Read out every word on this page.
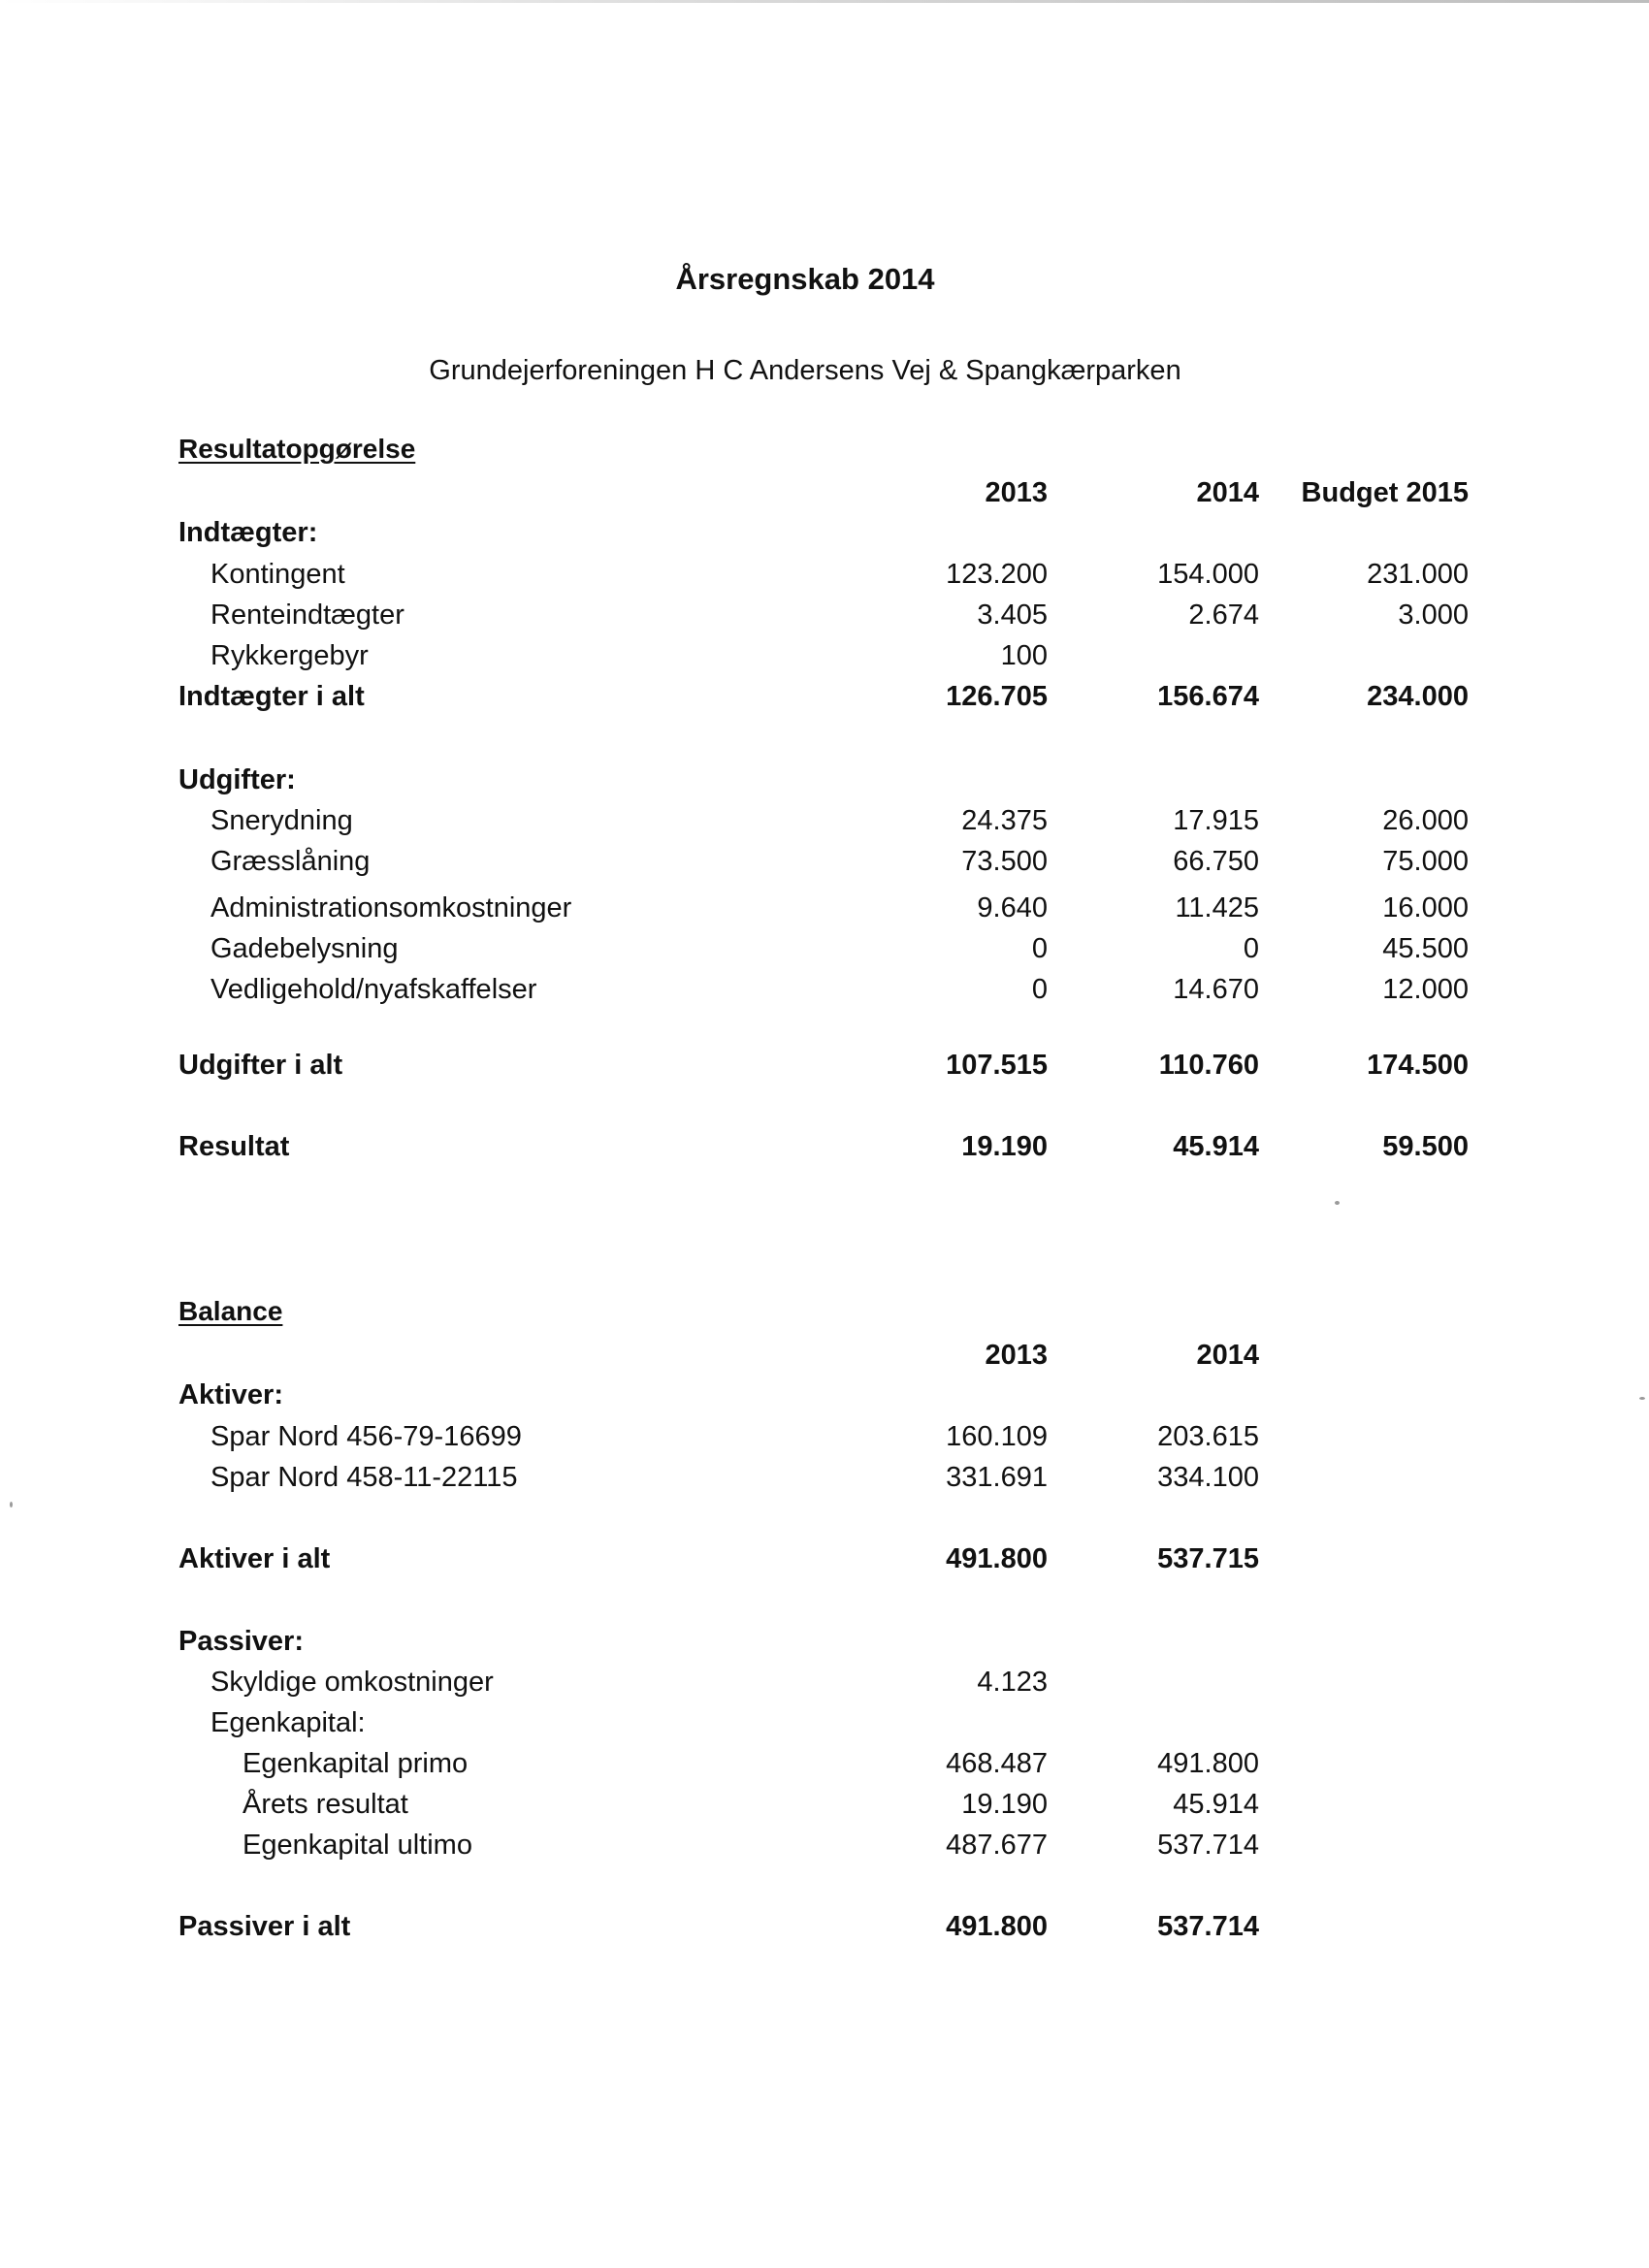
Årsregnskab 2014
Grundejerforeningen H C Andersens Vej & Spangkærparken
Resultatopgørelse
2013	2014	Budget 2015
Indtægter:
Kontingent	123.200	154.000	231.000
Renteindtægter	3.405	2.674	3.000
Rykkergebyr	100
Indtægter i alt	126.705	156.674	234.000
Udgifter:
Snerydning	24.375	17.915	26.000
Græsslåning	73.500	66.750	75.000
Administrationsomkostninger	9.640	11.425	16.000
Gadebelysning	0	0	45.500
Vedligehold/nyafskaffelser	0	14.670	12.000
Udgifter i alt	107.515	110.760	174.500
Resultat	19.190	45.914	59.500
Balance
2013	2014
Aktiver:
Spar Nord 456-79-16699	160.109	203.615
Spar Nord 458-11-22115	331.691	334.100
Aktiver i alt	491.800	537.715
Passiver:
Skyldige omkostninger	4.123
Egenkapital:
Egenkapital primo	468.487	491.800
Årets resultat	19.190	45.914
Egenkapital ultimo	487.677	537.714
Passiver i alt	491.800	537.714
